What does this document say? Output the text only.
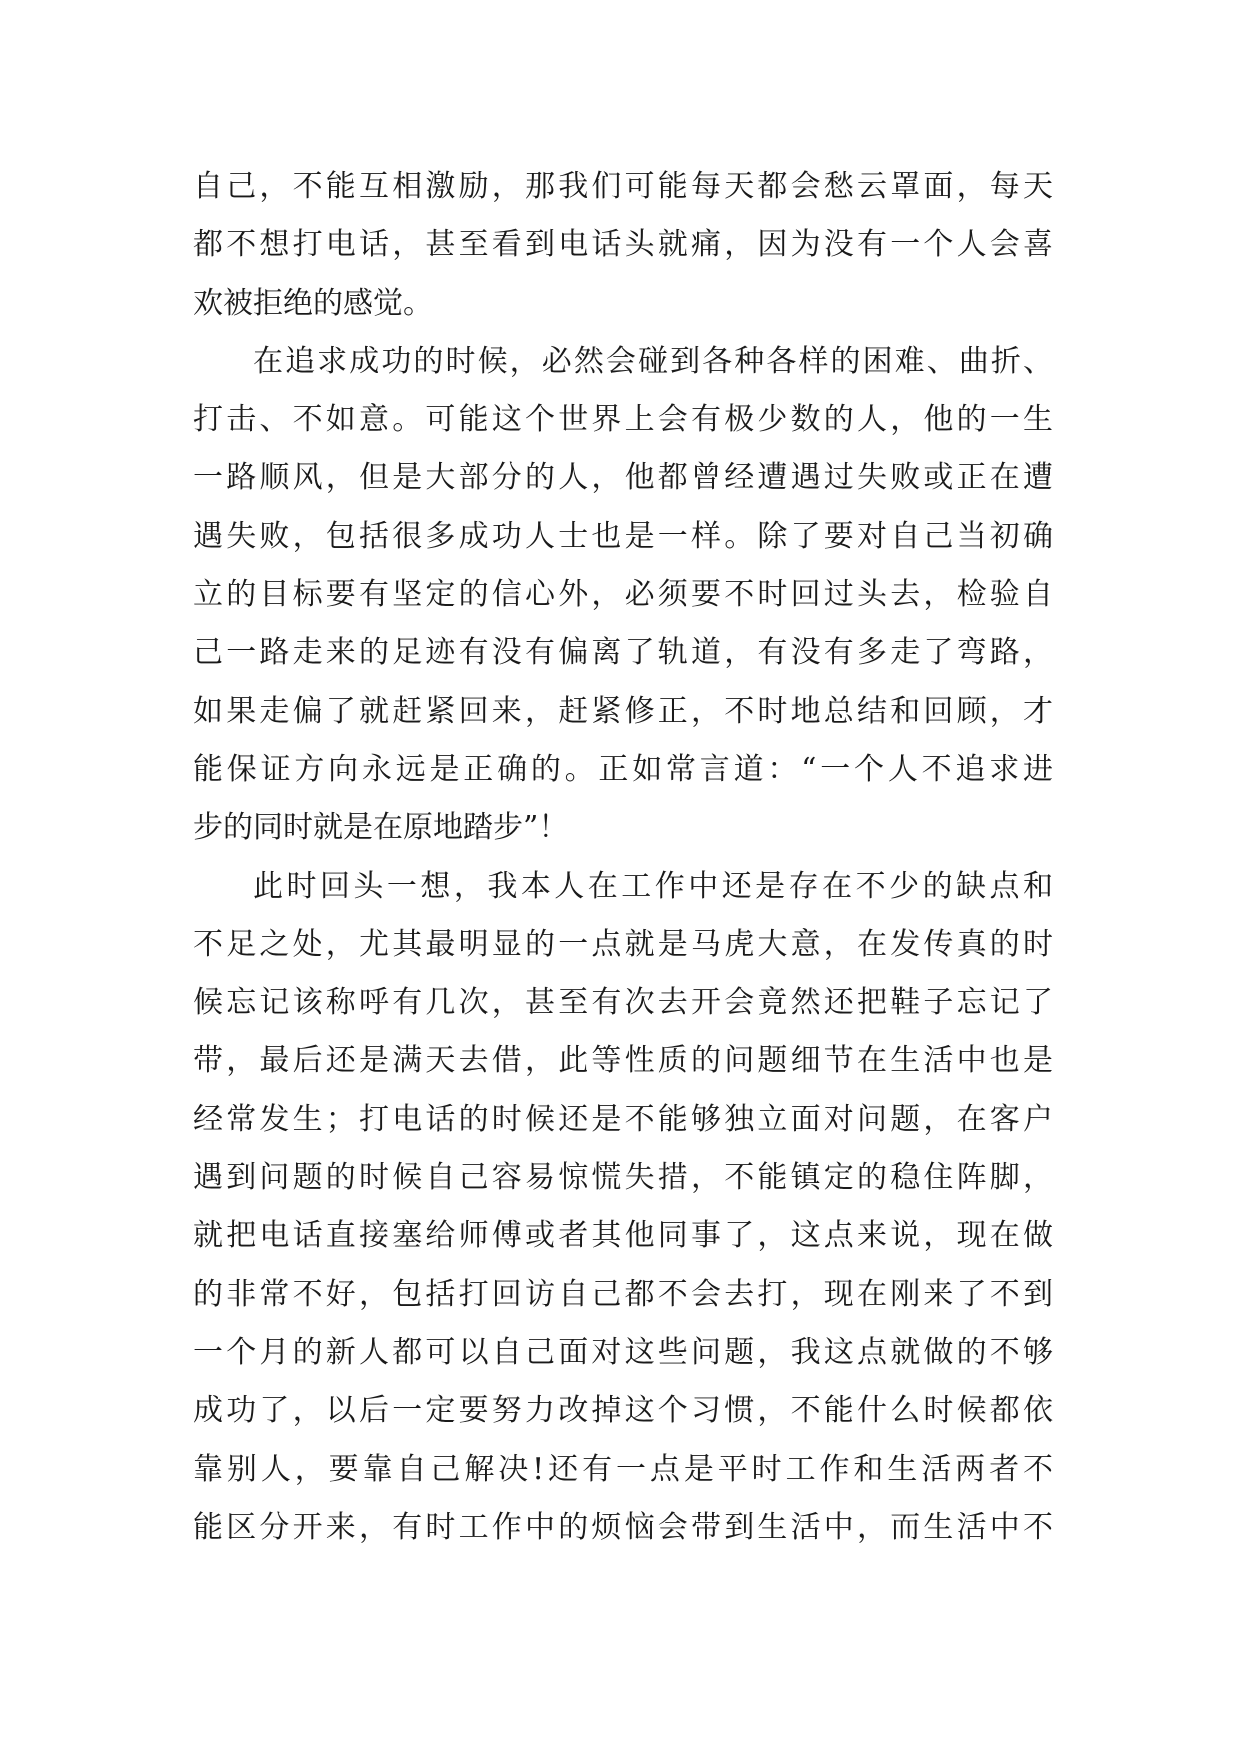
自己，不能互相激励，那我们可能每天都会愁云罩面，每天
都不想打电话，甚至看到电话头就痛，因为没有一个人会喜
欢被拒绝的感觉。
在追求成功的时候，必然会碰到各种各样的困难、曲折、
打击、不如意。可能这个世界上会有极少数的人，他的一生
一路顺风，但是大部分的人，他都曾经遭遇过失败或正在遭
遇失败，包括很多成功人士也是一样。除了要对自己当初确
立的目标要有坚定的信心外，必须要不时回过头去，检验自
己一路走来的足迹有没有偏离了轨道，有没有多走了弯路，
如果走偏了就赶紧回来，赶紧修正，不时地总结和回顾，才
能保证方向永远是正确的。正如常言道：“一个人不追求进
步的同时就是在原地踏步”！
此时回头一想，我本人在工作中还是存在不少的缺点和
不足之处，尤其最明显的一点就是马虎大意，在发传真的时
候忘记该称呼有几次，甚至有次去开会竟然还把鞋子忘记了
带，最后还是满天去借，此等性质的问题细节在生活中也是
经常发生；打电话的时候还是不能够独立面对问题，在客户
遇到问题的时候自己容易惊慌失措，不能镇定的稳住阵脚，
就把电话直接塞给师傅或者其他同事了，这点来说，现在做
的非常不好，包括打回访自己都不会去打，现在刚来了不到
一个月的新人都可以自己面对这些问题，我这点就做的不够
成功了，以后一定要努力改掉这个习惯，不能什么时候都依
靠别人，要靠自己解决!还有一点是平时工作和生活两者不
能区分开来，有时工作中的烦恼会带到生活中，而生活中不
